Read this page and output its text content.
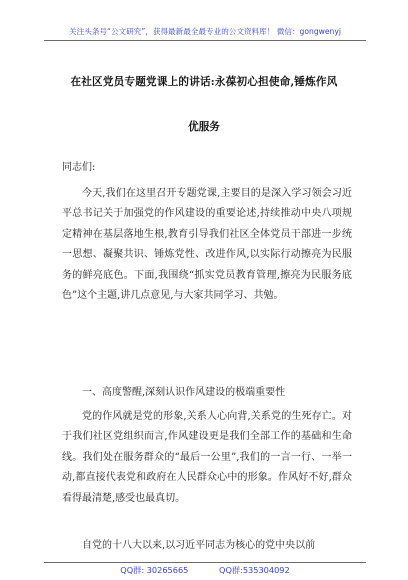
关注头条号“公文研究”，获得最新最全最专业的公文资料库！ 微信：gongwenyj
在社区党员专题党课上的讲话:永葆初心担使命,锤炼作风
优服务
同志们:
今天,我们在这里召开专题党课,主要目的是深入学习领会习近平总书记关于加强党的作风建设的重要论述,持续推动中央八项规定精神在基层落地生根,教育引导我们社区全体党员干部进一步统一思想、凝聚共识、锤炼党性、改进作风,以实际行动擦亮为民服务的鲜亮底色。下面,我围绕“抓实党员教育管理,擦亮为民服务底色”这个主题,讲几点意见,与大家共同学习、共勉。
一、高度警醒,深刻认识作风建设的极端重要性
党的作风就是党的形象,关系人心向背,关系党的生死存亡。对于我们社区党组织而言,作风建设更是我们全部工作的基础和生命线。我们处在服务群众的“最后一公里”,我们的一言一行、一举一动,都直接代表党和政府在人民群众心中的形象。作风好不好,群众看得最清楚,感受也最真切。
自党的十八大以来,以习近平同志为核心的党中央以前
QQ群: 30265665	QQ群:535304092
